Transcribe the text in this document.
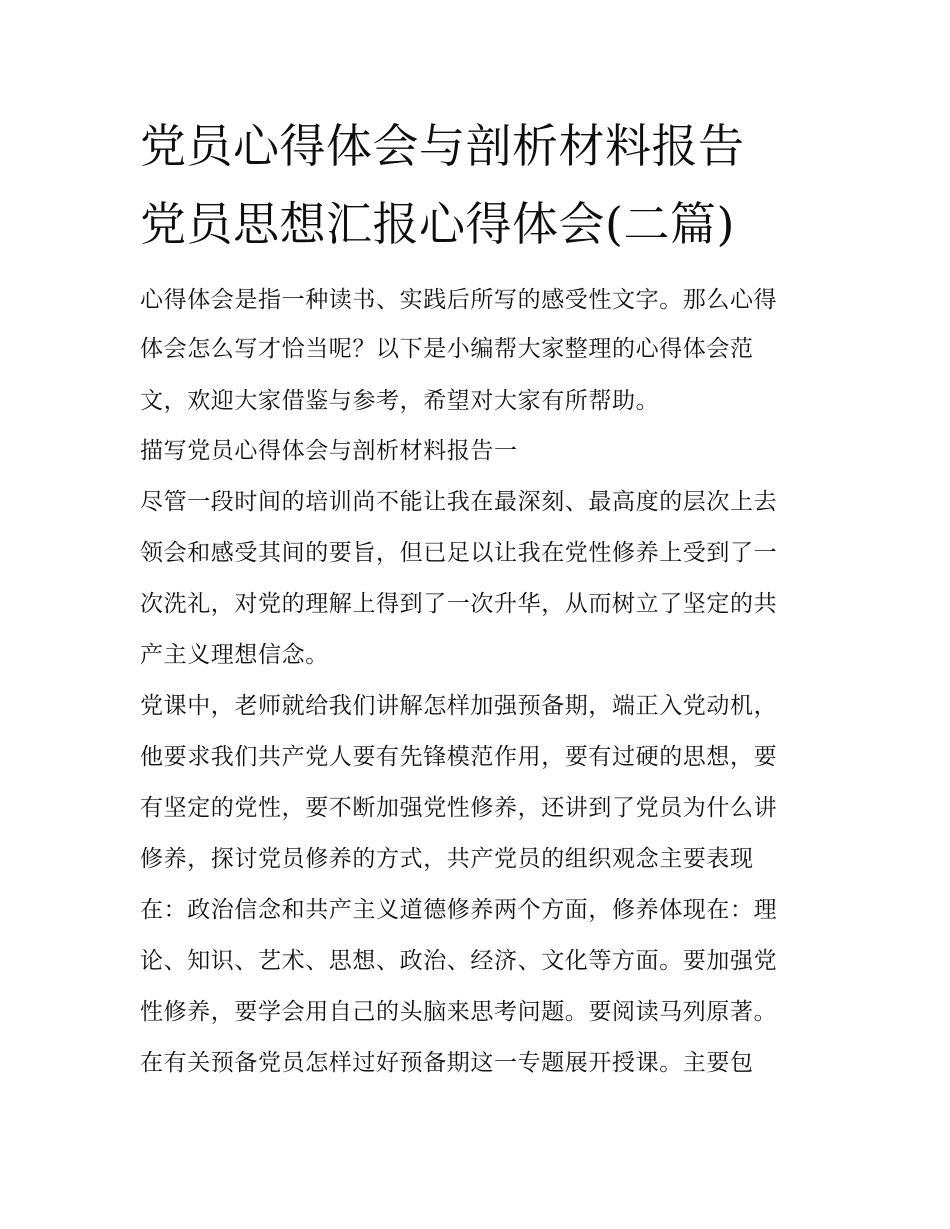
党员心得体会与剖析材料报告
党员思想汇报心得体会(二篇)
心得体会是指一种读书、实践后所写的感受性文字。那么心得
体会怎么写才恰当呢？以下是小编帮大家整理的心得体会范
文，欢迎大家借鉴与参考，希望对大家有所帮助。
描写党员心得体会与剖析材料报告一
尽管一段时间的培训尚不能让我在最深刻、最高度的层次上去
领会和感受其间的要旨，但已足以让我在党性修养上受到了一
次洗礼，对党的理解上得到了一次升华，从而树立了坚定的共
产主义理想信念。
党课中，老师就给我们讲解怎样加强预备期，端正入党动机，
他要求我们共产党人要有先锋模范作用，要有过硬的思想，要
有坚定的党性，要不断加强党性修养，还讲到了党员为什么讲
修养，探讨党员修养的方式，共产党员的组织观念主要表现
在：政治信念和共产主义道德修养两个方面，修养体现在：理
论、知识、艺术、思想、政治、经济、文化等方面。要加强党
性修养，要学会用自己的头脑来思考问题。要阅读马列原著。
在有关预备党员怎样过好预备期这一专题展开授课。主要包
